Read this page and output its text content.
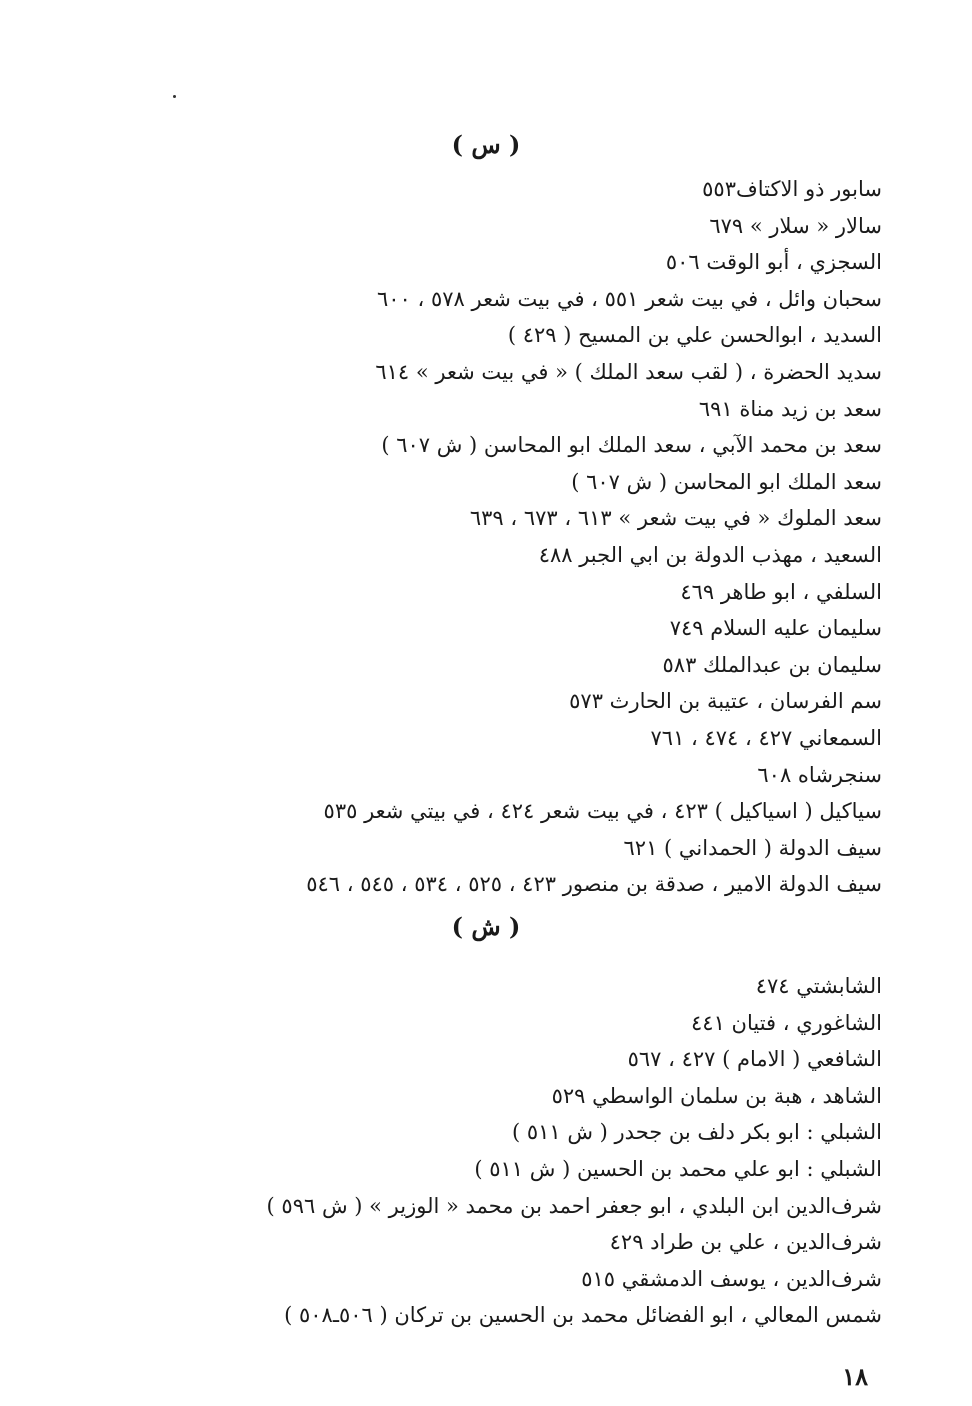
( س )
سابور ذو الاكتاف٥٥٣
سالار « سلار » ٦٧٩
السجزي ، أبو الوقت ٥٠٦
سحبان وائل ، في بيت شعر ٥٥١ ، في بيت شعر ٥٧٨ ، ٦٠٠
السديد ، ابوالحسن علي بن المسيح ( ٤٢٩ )
سديد الحضرة ، ( لقب سعد الملك ) « في بيت شعر » ٦١٤
سعد بن زيد مناة ٦٩١
سعد بن محمد الآبي ، سعد الملك ابو المحاسن ( ش ٦٠٧ )
سعد الملك ابو المحاسن ( ش ٦٠٧ )
سعد الملوك « في بيت شعر » ٦١٣ ، ٦٧٣ ، ٦٣٩
السعيد ، مهذب الدولة بن ابي الجبر ٤٨٨
السلفي ، ابو طاهر ٤٦٩
سليمان عليه السلام ٧٤٩
سليمان بن عبدالملك ٥٨٣
سم الفرسان ، عتيبة بن الحارث ٥٧٣
السمعاني ٤٢٧ ، ٤٧٤ ، ٧٦١
سنجرشاه ٦٠٨
سياكيل ( اسياكيل ) ٤٢٣ ، في بيت شعر ٤٢٤ ، في بيتي شعر ٥٣٥
سيف الدولة ( الحمداني ) ٦٢١
سيف الدولة الامير ، صدقة بن منصور ٤٢٣ ، ٥٢٥ ، ٥٣٤ ، ٥٤٥ ، ٥٤٦
( ش )
الشابشتي ٤٧٤
الشاغوري ، فتيان ٤٤١
الشافعي ( الامام ) ٤٢٧ ، ٥٦٧
الشاهد ، هبة بن سلمان الواسطي ٥٢٩
الشبلي : ابو بكر دلف بن جحدر ( ش ٥١١ )
الشبلي : ابو علي محمد بن الحسين ( ش ٥١١ )
شرف‌الدين ابن البلدي ، ابو جعفر احمد بن محمد « الوزير » ( ش ٥٩٦ )
شرف‌الدين ، علي بن طراد ٤٢٩
شرف‌الدين ، يوسف الدمشقي ٥١٥
شمس المعالي ، ابو الفضائل محمد بن الحسين بن تركان ( ٥٠٦ـ٥٠٨ )
١٨
